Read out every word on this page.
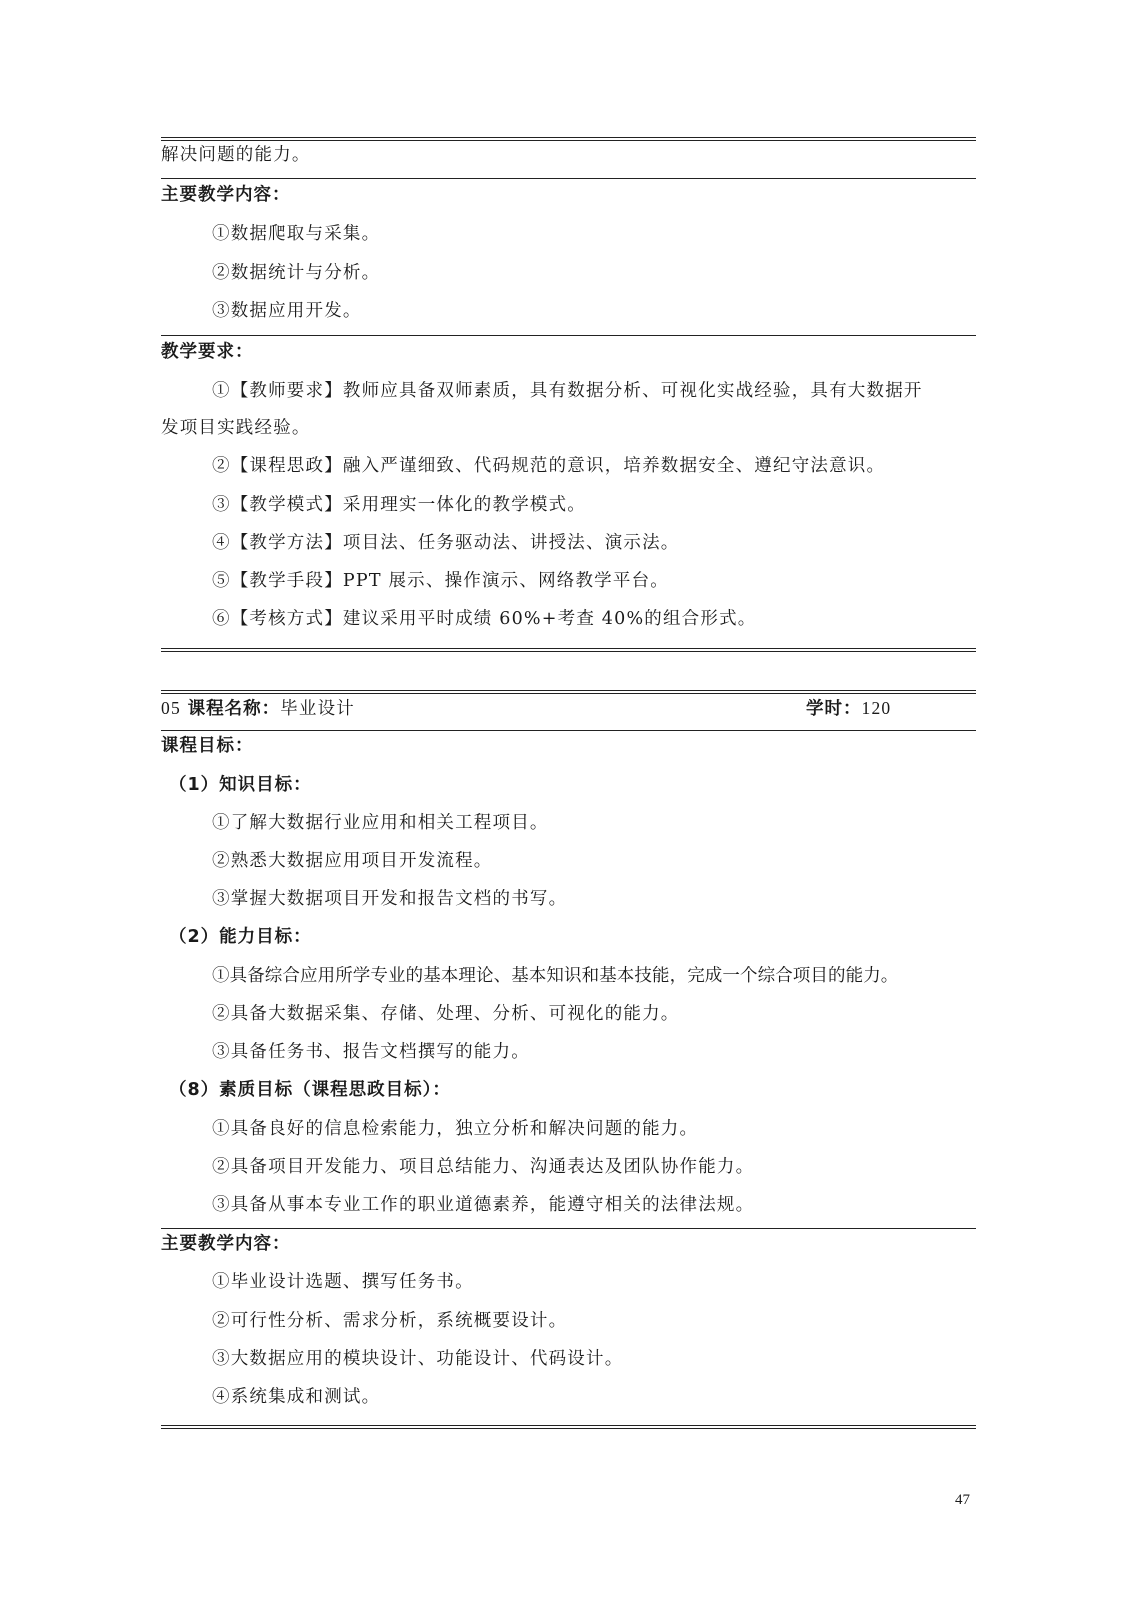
解决问题的能力。
主要教学内容：
①数据爬取与采集。
②数据统计与分析。
③数据应用开发。
教学要求：
①【教师要求】教师应具备双师素质，具有数据分析、可视化实战经验，具有大数据开
发项目实践经验。
②【课程思政】融入严谨细致、代码规范的意识，培养数据安全、遵纪守法意识。
③【教学模式】采用理实一体化的教学模式。
④【教学方法】项目法、任务驱动法、讲授法、演示法。
⑤【教学手段】PPT 展示、操作演示、网络教学平台。
⑥【考核方式】建议采用平时成绩 60%+考查 40%的组合形式。
05 课程名称：毕业设计	学时：120
课程目标：
（1）知识目标：
①了解大数据行业应用和相关工程项目。
②熟悉大数据应用项目开发流程。
③掌握大数据项目开发和报告文档的书写。
（2）能力目标：
①具备综合应用所学专业的基本理论、基本知识和基本技能，完成一个综合项目的能力。
②具备大数据采集、存储、处理、分析、可视化的能力。
③具备任务书、报告文档撰写的能力。
（8）素质目标（课程思政目标）：
①具备良好的信息检索能力，独立分析和解决问题的能力。
②具备项目开发能力、项目总结能力、沟通表达及团队协作能力。
③具备从事本专业工作的职业道德素养，能遵守相关的法律法规。
主要教学内容：
①毕业设计选题、撰写任务书。
②可行性分析、需求分析，系统概要设计。
③大数据应用的模块设计、功能设计、代码设计。
④系统集成和测试。
47
